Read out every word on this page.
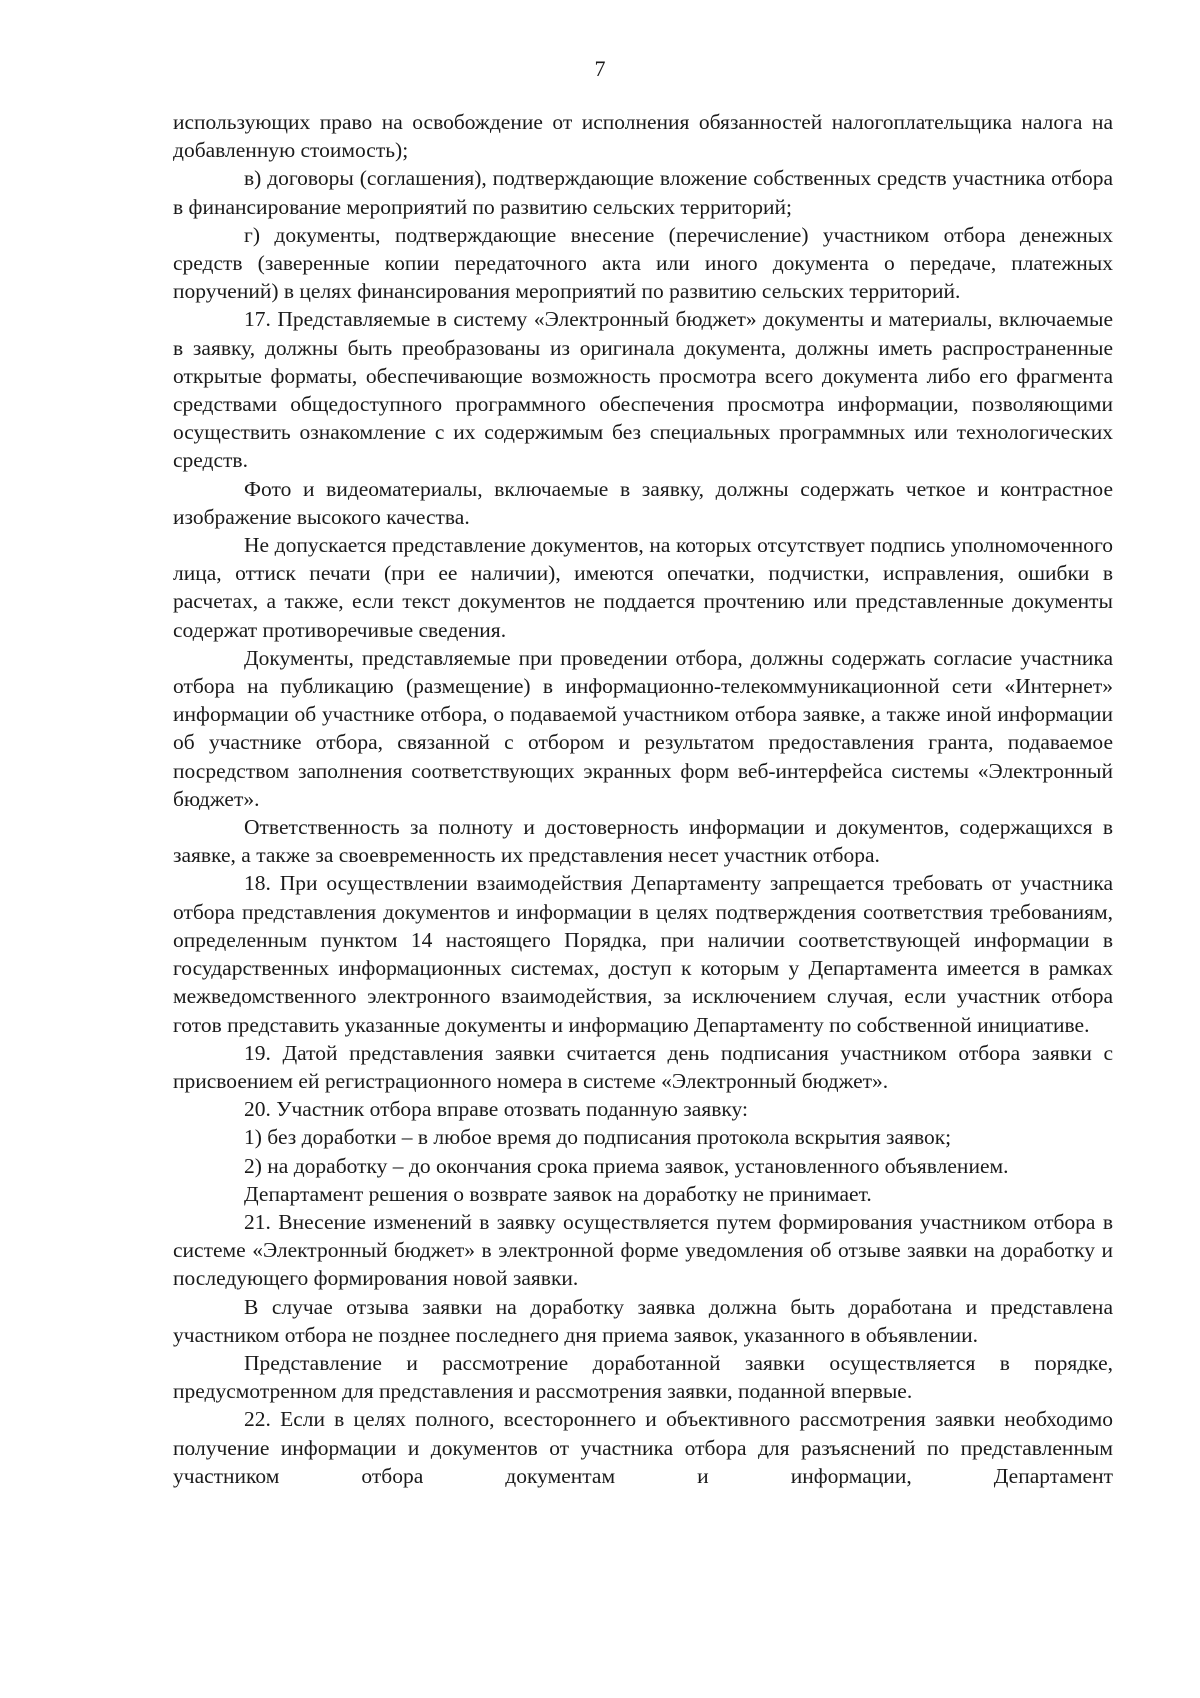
7

использующих право на освобождение от исполнения обязанностей налогоплательщика налога на добавленную стоимость);

в) договоры (соглашения), подтверждающие вложение собственных средств участника отбора в финансирование мероприятий по развитию сельских территорий;

г) документы, подтверждающие внесение (перечисление) участником отбора денежных средств (заверенные копии передаточного акта или иного документа о передаче, платежных поручений) в целях финансирования мероприятий по развитию сельских территорий.

17. Представляемые в систему «Электронный бюджет» документы и материалы, включаемые в заявку, должны быть преобразованы из оригинала документа, должны иметь распространенные открытые форматы, обеспечивающие возможность просмотра всего документа либо его фрагмента средствами общедоступного программного обеспечения просмотра информации, позволяющими осуществить ознакомление с их содержимым без специальных программных или технологических средств.

Фото и видеоматериалы, включаемые в заявку, должны содержать четкое и контрастное изображение высокого качества.

Не допускается представление документов, на которых отсутствует подпись уполномоченного лица, оттиск печати (при ее наличии), имеются опечатки, подчистки, исправления, ошибки в расчетах, а также, если текст документов не поддается прочтению или представленные документы содержат противоречивые сведения.

Документы, представляемые при проведении отбора, должны содержать согласие участника отбора на публикацию (размещение) в информационно-телекоммуникационной сети «Интернет» информации об участнике отбора, о подаваемой участником отбора заявке, а также иной информации об участнике отбора, связанной с отбором и результатом предоставления гранта, подаваемое посредством заполнения соответствующих экранных форм веб-интерфейса системы «Электронный бюджет».

Ответственность за полноту и достоверность информации и документов, содержащихся в заявке, а также за своевременность их представления несет участник отбора.

18. При осуществлении взаимодействия Департаменту запрещается требовать от участника отбора представления документов и информации в целях подтверждения соответствия требованиям, определенным пунктом 14 настоящего Порядка, при наличии соответствующей информации в государственных информационных системах, доступ к которым у Департамента имеется в рамках межведомственного электронного взаимодействия, за исключением случая, если участник отбора готов представить указанные документы и информацию Департаменту по собственной инициативе.

19. Датой представления заявки считается день подписания участником отбора заявки с присвоением ей регистрационного номера в системе «Электронный бюджет».

20. Участник отбора вправе отозвать поданную заявку:

1) без доработки – в любое время до подписания протокола вскрытия заявок;

2) на доработку – до окончания срока приема заявок, установленного объявлением.

Департамент решения о возврате заявок на доработку не принимает.

21. Внесение изменений в заявку осуществляется путем формирования участником отбора в системе «Электронный бюджет» в электронной форме уведомления об отзыве заявки на доработку и последующего формирования новой заявки.

В случае отзыва заявки на доработку заявка должна быть доработана и представлена участником отбора не позднее последнего дня приема заявок, указанного в объявлении.

Представление и рассмотрение доработанной заявки осуществляется в порядке, предусмотренном для представления и рассмотрения заявки, поданной впервые.

22. Если в целях полного, всестороннего и объективного рассмотрения заявки необходимо получение информации и документов от участника отбора для разъяснений по представленным участником отбора документам и информации, Департамент
